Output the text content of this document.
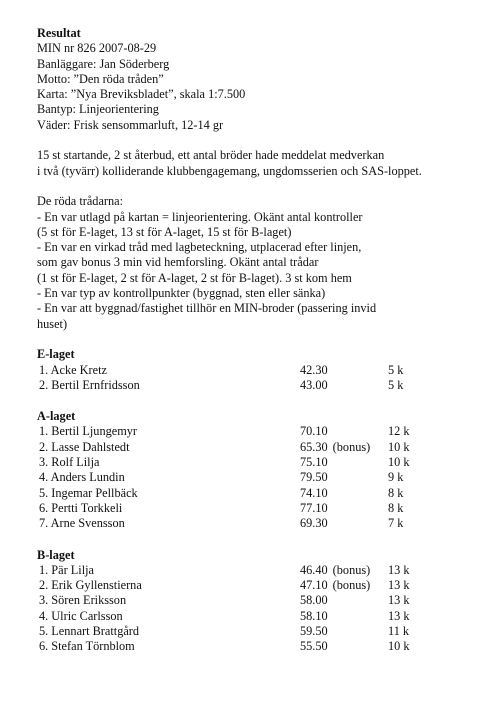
Resultat
MIN nr 826 2007-08-29
Banläggare: Jan Söderberg
Motto: ”Den röda tråden”
Karta: ”Nya Breviksbladet”, skala 1:7.500
Bantyp: Linjeorientering
Väder: Frisk sensommarluft, 12-14 gr
15 st startande, 2 st återbud, ett antal bröder hade meddelat medverkan
i två (tyvärr) kolliderande klubbengagemang, ungdomsserien och SAS-loppet.
De röda trådarna:
- En var utlagd på kartan = linjeorientering. Okänt antal kontroller
(5 st för E-laget, 13 st för A-laget, 15 st för B-laget)
- En var en virkad tråd med lagbeteckning, utplacerad efter linjen,
som gav bonus 3 min vid hemforsling. Okänt antal trådar
(1 st för E-laget, 2 st för A-laget, 2 st för B-laget). 3 st kom hem
- En var typ av kontrollpunkter (byggnad, sten eller sänka)
- En var att byggnad/fastighet tillhör en MIN-broder (passering invid
huset)
E-laget
1. Acke Kretz	42.30	5 k
2. Bertil Ernfridsson	43.00	5 k
A-laget
1. Bertil Ljungemyr	70.10	12 k
2. Lasse Dahlstedt	65.30 (bonus) 10 k
3. Rolf Lilja	75.10	10 k
4. Anders Lundin	79.50	9 k
5. Ingemar Pellbäck	74.10	8 k
6. Pertti Torkkeli	77.10	8 k
7. Arne Svensson	69.30	7 k
B-laget
1. Pär Lilja	46.40 (bonus) 13 k
2. Erik Gyllenstierna	47.10 (bonus) 13 k
3. Sören Eriksson	58.00	13 k
4. Ulric Carlsson	58.10	13 k
5. Lennart Brattgård	59.50	11 k
6. Stefan Törnblom	55.50	10 k
